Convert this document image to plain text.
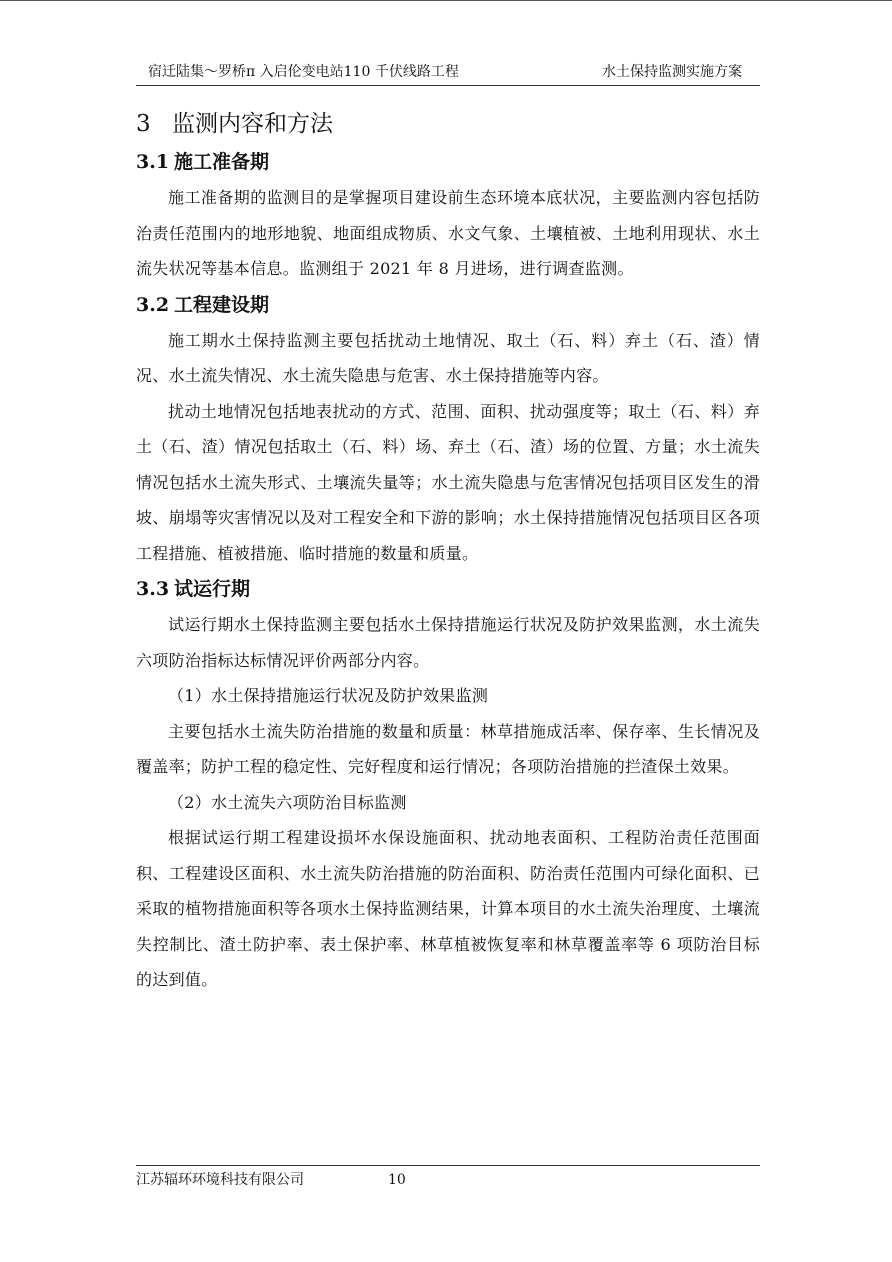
宿迁陆集～罗桥π 入启伦变电站110 千伏线路工程	水土保持监测实施方案
3 监测内容和方法
3.1 施工准备期

施工准备期的监测目的是掌握项目建设前生态环境本底状况，主要监测内容包括防治责任范围内的地形地貌、地面组成物质、水文气象、土壤植被、土地利用现状、水土流失状况等基本信息。监测组于 2021 年 8 月进场，进行调查监测。

3.2 工程建设期

施工期水土保持监测主要包括扰动土地情况、取土（石、料）弃土（石、渣）情况、水土流失情况、水土流失隐患与危害、水土保持措施等内容。

扰动土地情况包括地表扰动的方式、范围、面积、扰动强度等；取土（石、料）弃土（石、渣）情况包括取土（石、料）场、弃土（石、渣）场的位置、方量；水土流失情况包括水土流失形式、土壤流失量等；水土流失隐患与危害情况包括项目区发生的滑坡、崩塌等灾害情况以及对工程安全和下游的影响；水土保持措施情况包括项目区各项工程措施、植被措施、临时措施的数量和质量。

3.3 试运行期

试运行期水土保持监测主要包括水土保持措施运行状况及防护效果监测，水土流失六项防治指标达标情况评价两部分内容。

（1）水土保持措施运行状况及防护效果监测

主要包括水土流失防治措施的数量和质量：林草措施成活率、保存率、生长情况及覆盖率；防护工程的稳定性、完好程度和运行情况；各项防治措施的拦渣保土效果。

（2）水土流失六项防治目标监测

根据试运行期工程建设损坏水保设施面积、扰动地表面积、工程防治责任范围面积、工程建设区面积、水土流失防治措施的防治面积、防治责任范围内可绿化面积、已采取的植物措施面积等各项水土保持监测结果，计算本项目的水土流失治理度、土壤流失控制比、渣土防护率、表土保护率、林草植被恢复率和林草覆盖率等 6 项防治目标的达到值。

江苏辐环环境科技有限公司	10
